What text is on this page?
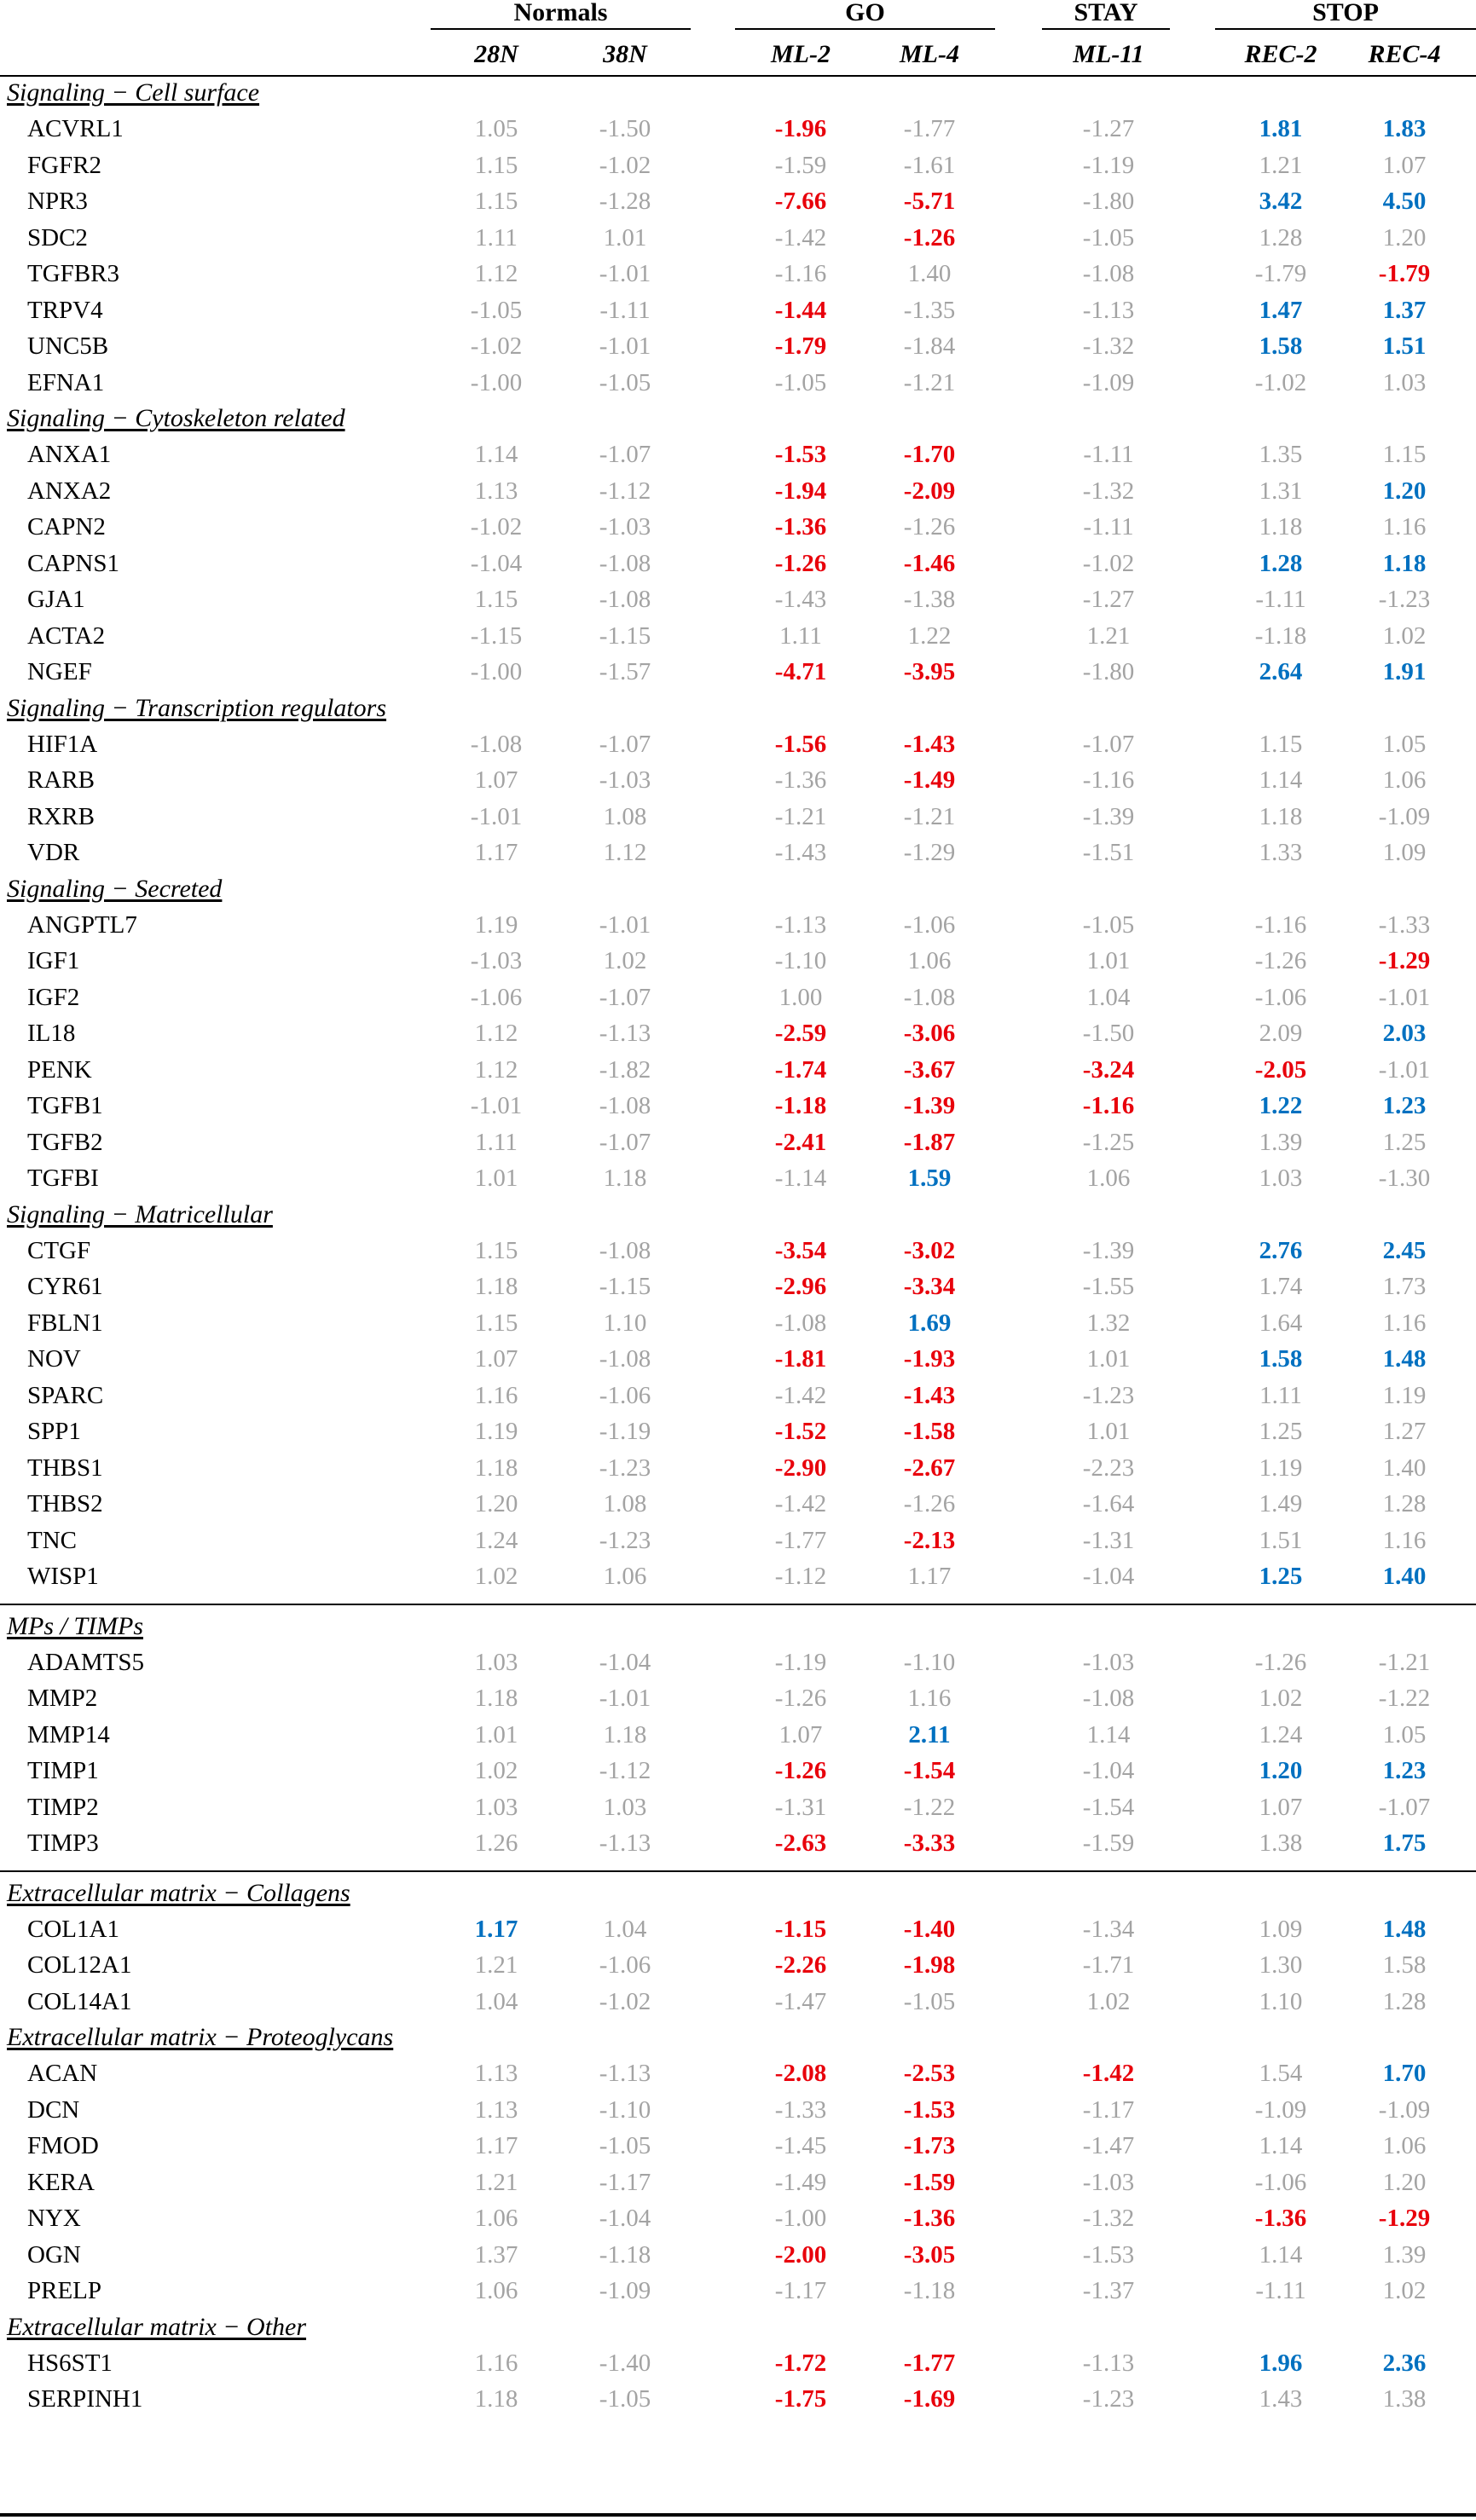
Normals	GO	STAY	STOP
28N	38N	ML-2	ML-4	ML-11	REC-2	REC-4
Signaling − Cell surface
ACVRL1	1.05	-1.50	-1.96	-1.77	-1.27	1.81	1.83
FGFR2	1.15	-1.02	-1.59	-1.61	-1.19	1.21	1.07
NPR3	1.15	-1.28	-7.66	-5.71	-1.80	3.42	4.50
SDC2	1.11	1.01	-1.42	-1.26	-1.05	1.28	1.20
TGFBR3	1.12	-1.01	-1.16	1.40	-1.08	-1.79	-1.79
TRPV4	-1.05	-1.11	-1.44	-1.35	-1.13	1.47	1.37
UNC5B	-1.02	-1.01	-1.79	-1.84	-1.32	1.58	1.51
EFNA1	-1.00	-1.05	-1.05	-1.21	-1.09	-1.02	1.03
Signaling − Cytoskeleton related
ANXA1	1.14	-1.07	-1.53	-1.70	-1.11	1.35	1.15
ANXA2	1.13	-1.12	-1.94	-2.09	-1.32	1.31	1.20
CAPN2	-1.02	-1.03	-1.36	-1.26	-1.11	1.18	1.16
CAPNS1	-1.04	-1.08	-1.26	-1.46	-1.02	1.28	1.18
GJA1	1.15	-1.08	-1.43	-1.38	-1.27	-1.11	-1.23
ACTA2	-1.15	-1.15	1.11	1.22	1.21	-1.18	1.02
NGEF	-1.00	-1.57	-4.71	-3.95	-1.80	2.64	1.91
Signaling − Transcription regulators
HIF1A	-1.08	-1.07	-1.56	-1.43	-1.07	1.15	1.05
RARB	1.07	-1.03	-1.36	-1.49	-1.16	1.14	1.06
RXRB	-1.01	1.08	-1.21	-1.21	-1.39	1.18	-1.09
VDR	1.17	1.12	-1.43	-1.29	-1.51	1.33	1.09
Signaling − Secreted
ANGPTL7	1.19	-1.01	-1.13	-1.06	-1.05	-1.16	-1.33
IGF1	-1.03	1.02	-1.10	1.06	1.01	-1.26	-1.29
IGF2	-1.06	-1.07	1.00	-1.08	1.04	-1.06	-1.01
IL18	1.12	-1.13	-2.59	-3.06	-1.50	2.09	2.03
PENK	1.12	-1.82	-1.74	-3.67	-3.24	-2.05	-1.01
TGFB1	-1.01	-1.08	-1.18	-1.39	-1.16	1.22	1.23
TGFB2	1.11	-1.07	-2.41	-1.87	-1.25	1.39	1.25
TGFBI	1.01	1.18	-1.14	1.59	1.06	1.03	-1.30
Signaling − Matricellular
CTGF	1.15	-1.08	-3.54	-3.02	-1.39	2.76	2.45
CYR61	1.18	-1.15	-2.96	-3.34	-1.55	1.74	1.73
FBLN1	1.15	1.10	-1.08	1.69	1.32	1.64	1.16
NOV	1.07	-1.08	-1.81	-1.93	1.01	1.58	1.48
SPARC	1.16	-1.06	-1.42	-1.43	-1.23	1.11	1.19
SPP1	1.19	-1.19	-1.52	-1.58	1.01	1.25	1.27
THBS1	1.18	-1.23	-2.90	-2.67	-2.23	1.19	1.40
THBS2	1.20	1.08	-1.42	-1.26	-1.64	1.49	1.28
TNC	1.24	-1.23	-1.77	-2.13	-1.31	1.51	1.16
WISP1	1.02	1.06	-1.12	1.17	-1.04	1.25	1.40
MPs / TIMPs
ADAMTS5	1.03	-1.04	-1.19	-1.10	-1.03	-1.26	-1.21
MMP2	1.18	-1.01	-1.26	1.16	-1.08	1.02	-1.22
MMP14	1.01	1.18	1.07	2.11	1.14	1.24	1.05
TIMP1	1.02	-1.12	-1.26	-1.54	-1.04	1.20	1.23
TIMP2	1.03	1.03	-1.31	-1.22	-1.54	1.07	-1.07
TIMP3	1.26	-1.13	-2.63	-3.33	-1.59	1.38	1.75
Extracellular matrix − Collagens
COL1A1	1.17	1.04	-1.15	-1.40	-1.34	1.09	1.48
COL12A1	1.21	-1.06	-2.26	-1.98	-1.71	1.30	1.58
COL14A1	1.04	-1.02	-1.47	-1.05	1.02	1.10	1.28
Extracellular matrix − Proteoglycans
ACAN	1.13	-1.13	-2.08	-2.53	-1.42	1.54	1.70
DCN	1.13	-1.10	-1.33	-1.53	-1.17	-1.09	-1.09
FMOD	1.17	-1.05	-1.45	-1.73	-1.47	1.14	1.06
KERA	1.21	-1.17	-1.49	-1.59	-1.03	-1.06	1.20
NYX	1.06	-1.04	-1.00	-1.36	-1.32	-1.36	-1.29
OGN	1.37	-1.18	-2.00	-3.05	-1.53	1.14	1.39
PRELP	1.06	-1.09	-1.17	-1.18	-1.37	-1.11	1.02
Extracellular matrix − Other
HS6ST1	1.16	-1.40	-1.72	-1.77	-1.13	1.96	2.36
SERPINH1	1.18	-1.05	-1.75	-1.69	-1.23	1.43	1.38
